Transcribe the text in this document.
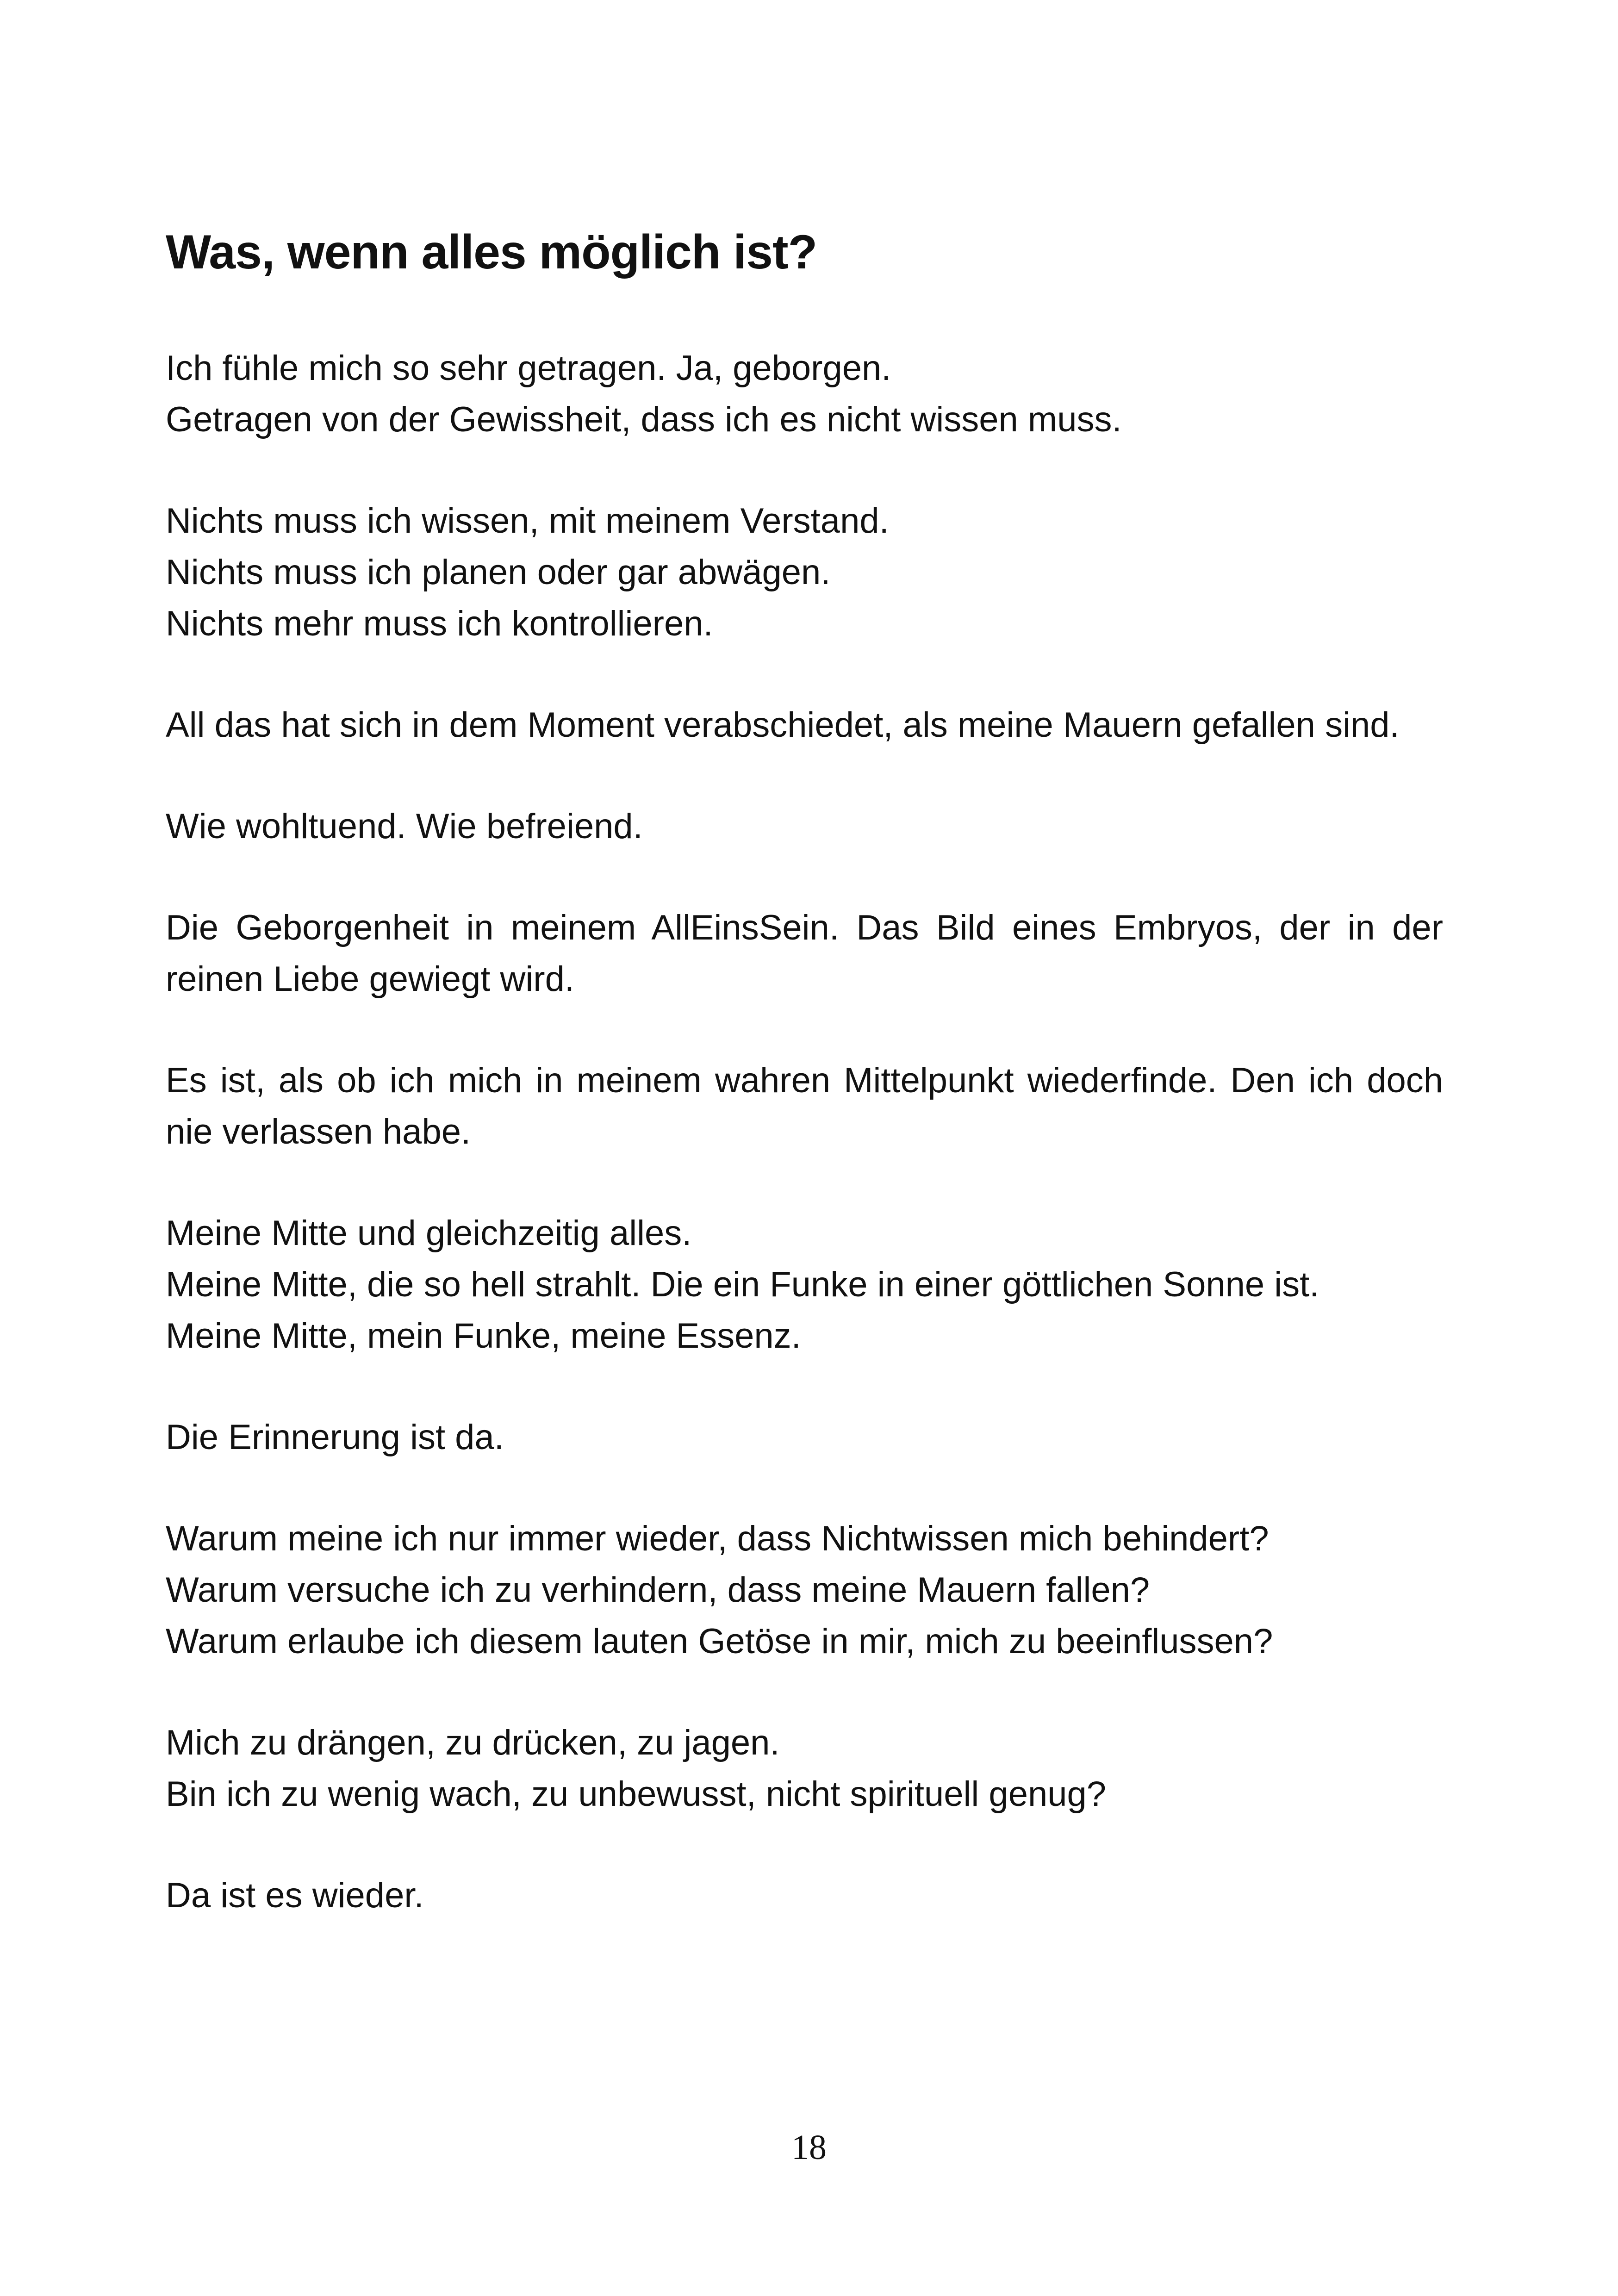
Was, wenn alles möglich ist?

Ich fühle mich so sehr getragen. Ja, geborgen.
Getragen von der Gewissheit, dass ich es nicht wissen muss.

Nichts muss ich wissen, mit meinem Verstand.
Nichts muss ich planen oder gar abwägen.
Nichts mehr muss ich kontrollieren.

All das hat sich in dem Moment verabschiedet, als meine Mauern gefallen sind.

Wie wohltuend. Wie befreiend.

Die Geborgenheit in meinem AllEinsSein. Das Bild eines Embryos, der in der reinen Liebe gewiegt wird.

Es ist, als ob ich mich in meinem wahren Mittelpunkt wiederfinde. Den ich doch nie verlassen habe.

Meine Mitte und gleichzeitig alles.
Meine Mitte, die so hell strahlt. Die ein Funke in einer göttlichen Sonne ist.
Meine Mitte, mein Funke, meine Essenz.

Die Erinnerung ist da.

Warum meine ich nur immer wieder, dass Nichtwissen mich behindert?
Warum versuche ich zu verhindern, dass meine Mauern fallen?
Warum erlaube ich diesem lauten Getöse in mir, mich zu beeinflussen?

Mich zu drängen, zu drücken, zu jagen.
Bin ich zu wenig wach, zu unbewusst, nicht spirituell genug?

Da ist es wieder.

18
